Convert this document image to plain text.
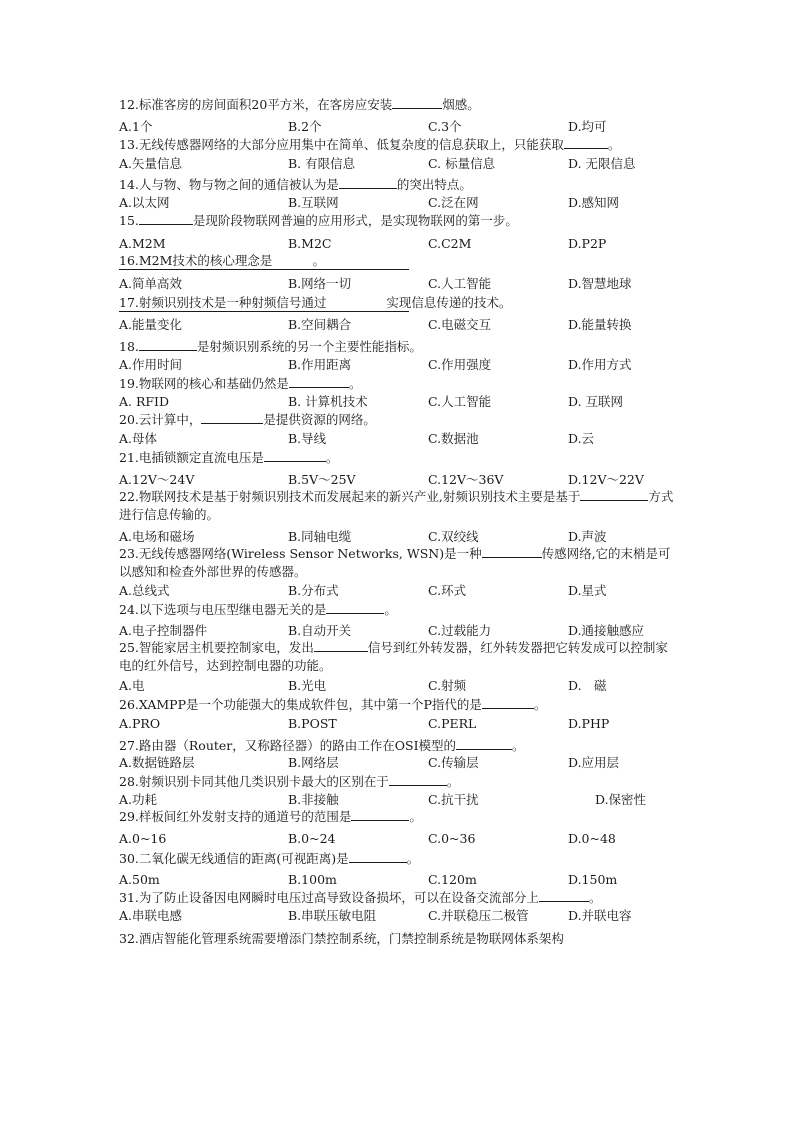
12.标准客房的房间面积20平方米，在客房应安装	烟感。
A.1个	B.2个	C.3个	D.均可
13.无线传感器网络的大部分应用集中在简单、低复杂度的信息获取上，只能获取	。
A.矢量信息	B. 有限信息	C. 标量信息	D. 无限信息
14.人与物、物与物之间的通信被认为是	的突出特点。
A.以太网	B.互联网	C.泛在网	D.感知网
15.	是现阶段物联网普遍的应用形式，是实现物联网的第一步。
A.M2M	B.M2C	C.C2M	D.P2P
16.M2M技术的核心理念是	。
A.简单高效	B.网络一切	C.人工智能	D.智慧地球
17.射频识别技术是一种射频信号通过	实现信息传递的技术。
A.能量变化	B.空间耦合	C.电磁交互	D.能量转换
18.	是射频识别系统的另一个主要性能指标。
A.作用时间	B.作用距离	C.作用强度	D.作用方式
19.物联网的核心和基础仍然是	。
A. RFID	B. 计算机技术	C.人工智能	D. 互联网
20.云计算中，	是提供资源的网络。
A.母体	B.导线	C.数据池	D.云
21.电插锁额定直流电压是	。
A.12V～24V	B.5V～25V	C.12V～36V	D.12V～22V
22.物联网技术是基于射频识别技术而发展起来的新兴产业,射频识别技术主要是基于	方式进行信息传输的。
A.电场和磁场	B.同轴电缆	C.双绞线	D.声波
23.无线传感器网络(Wireless Sensor Networks, WSN)是一种	传感网络,它的末梢是可以感知和检查外部世界的传感器。
A.总线式	B.分布式	C.环式	D.星式
24.以下选项与电压型继电器无关的是	。
A.电子控制器件	B.自动开关	C.过载能力	D.通接触感应
25.智能家居主机要控制家电，发出	信号到红外转发器，红外转发器把它转发成可以控制家电的红外信号，达到控制电器的功能。
A.电	B.光电	C.射频	D.　磁
26.XAMPP是一个功能强大的集成软件包，其中第一个P指代的是	。
A.PRO	B.POST	C.PERL	D.PHP
27.路由器（Router，又称路径器）的路由工作在OSI模型的	。
A.数据链路层	B.网络层	C.传输层	D.应用层
28.射频识别卡同其他几类识别卡最大的区别在于	。
A.功耗	B.非接触	C.抗干扰	D.保密性
29.样板间红外发射支持的通道号的范围是	。
A.0~16	B.0~24	C.0~36	D.0~48
30.二氧化碳无线通信的距离(可视距离)是	。
A.50m	B.100m	C.120m	D.150m
31.为了防止设备因电网瞬时电压过高导致设备损坏，可以在设备交流部分上	。
A.串联电感	B.串联压敏电阻	C.并联稳压二极管	D.并联电容
32.酒店智能化管理系统需要增添门禁控制系统，门禁控制系统是物联网体系架构
